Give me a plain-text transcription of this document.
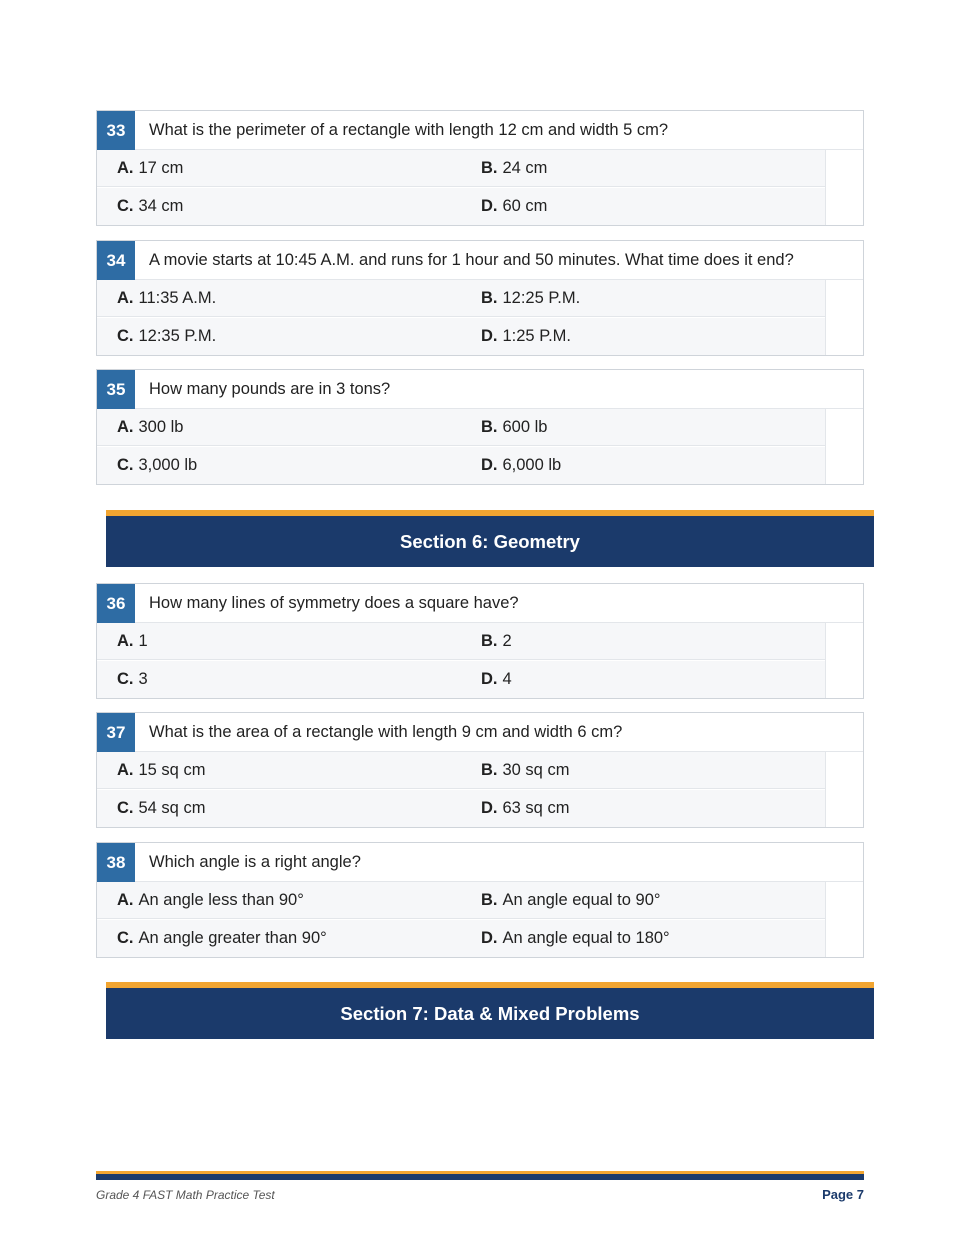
33	What is the perimeter of a rectangle with length 12 cm and width 5 cm?
A. 17 cm	B. 24 cm
C. 34 cm	D. 60 cm
34	A movie starts at 10:45 A.M. and runs for 1 hour and 50 minutes. What time does it end?
A. 11:35 A.M.	B. 12:25 P.M.
C. 12:35 P.M.	D. 1:25 P.M.
35	How many pounds are in 3 tons?
A. 300 lb	B. 600 lb
C. 3,000 lb	D. 6,000 lb
Section 6: Geometry
36	How many lines of symmetry does a square have?
A. 1	B. 2
C. 3	D. 4
37	What is the area of a rectangle with length 9 cm and width 6 cm?
A. 15 sq cm	B. 30 sq cm
C. 54 sq cm	D. 63 sq cm
38	Which angle is a right angle?
A. An angle less than 90°	B. An angle equal to 90°
C. An angle greater than 90°	D. An angle equal to 180°
Section 7: Data & Mixed Problems
Grade 4 FAST Math Practice Test	Page 7
